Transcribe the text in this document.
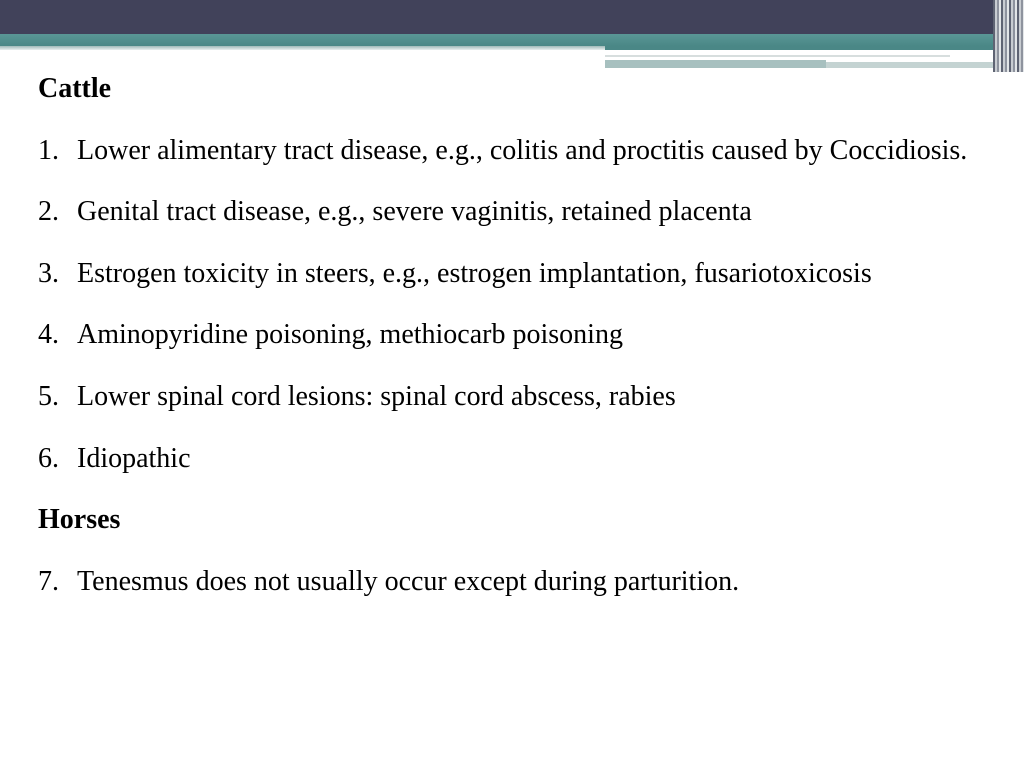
Cattle
1. Lower alimentary tract disease, e.g., colitis and proctitis caused by Coccidiosis.
2. Genital tract disease, e.g., severe vaginitis, retained placenta
3. Estrogen toxicity in steers, e.g., estrogen implantation, fusariotoxicosis
4. Aminopyridine poisoning, methiocarb poisoning
5. Lower spinal cord lesions: spinal cord abscess, rabies
6. Idiopathic
Horses
7. Tenesmus does not usually occur except during parturition.
